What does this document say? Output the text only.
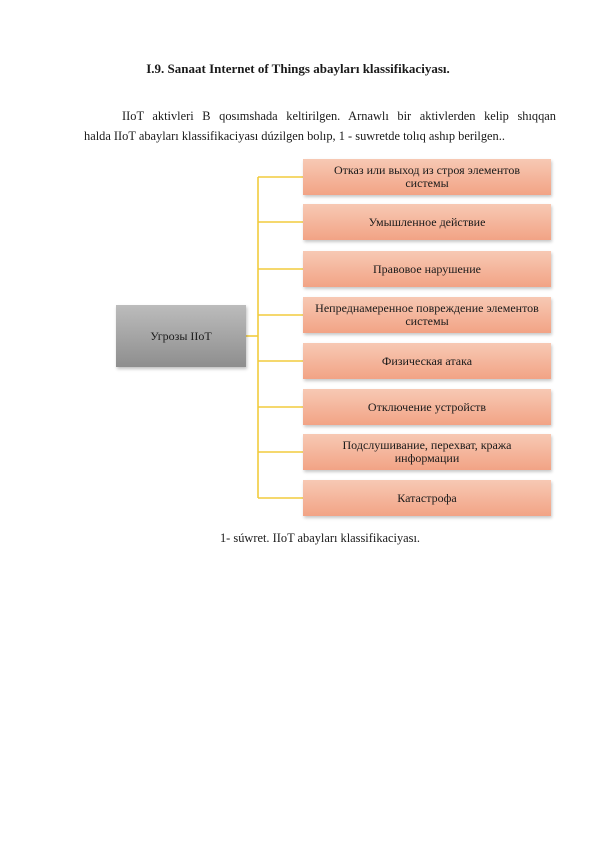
I.9. Sanaat Internet of Things abayları klassifikaciyası.
IIoT aktivleri B qosımshada keltirilgen. Arnawlı bir aktivlerden kelip shıqqan
halda IIoT abayları klassifikaciyası dúzilgen bolıp, 1 - suwretde tolıq ashıp berilgen..
Угрозы IIoT
Отказ или выход из строя элементов системы
Умышленное действие
Правовое нарушение
Непреднамеренное повреждение элементов системы
Физическая атака
Отключение устройств
Подслушивание, перехват, кража информации
Катастрофа
1- súwret. IIoT abayları klassifikaciyası.
